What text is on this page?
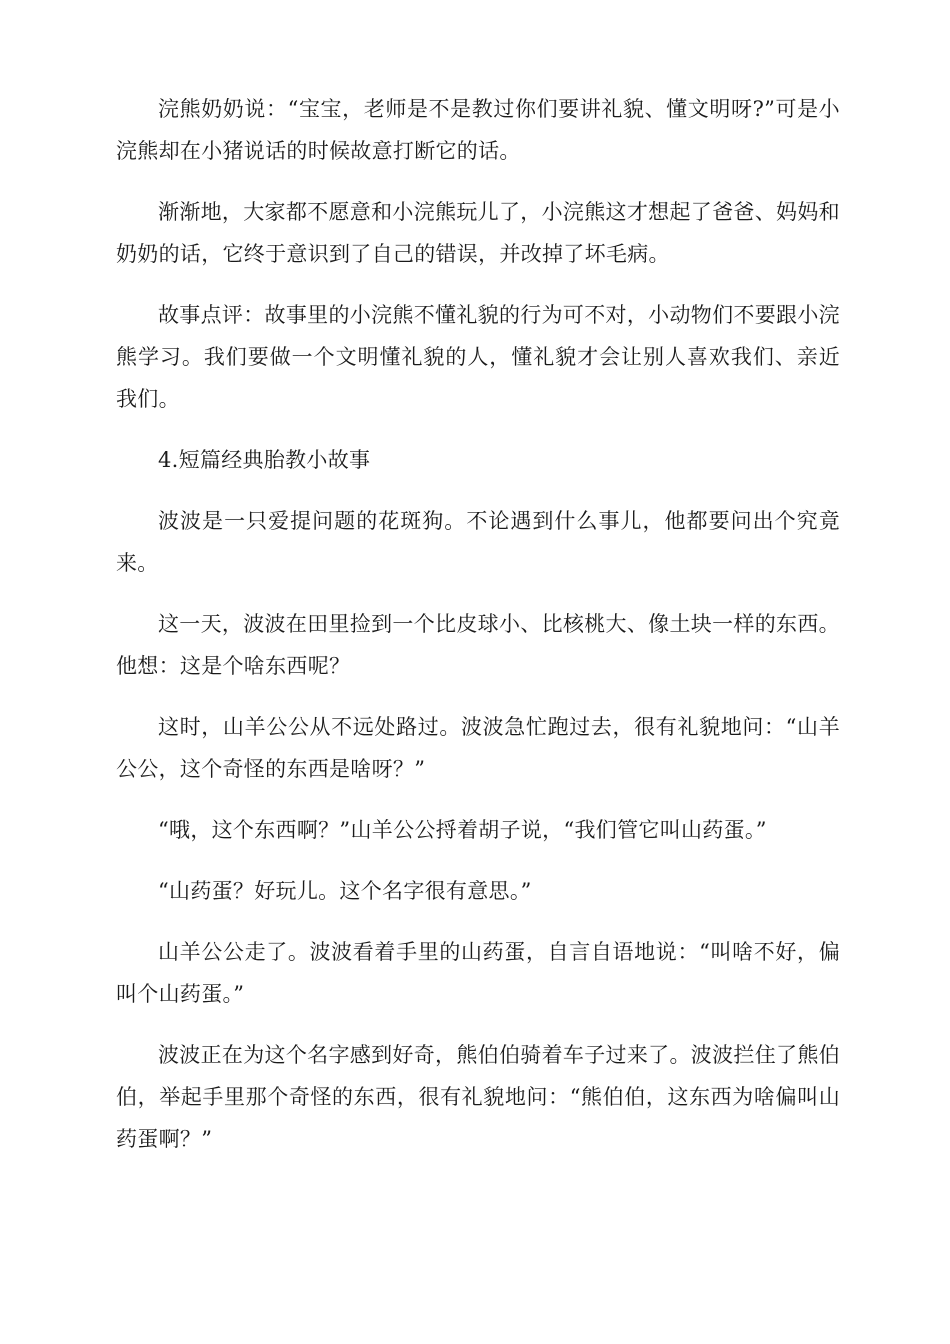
浣熊奶奶说：“宝宝，老师是不是教过你们要讲礼貌、懂文明呀?”可是小浣熊却在小猪说话的时候故意打断它的话。

渐渐地，大家都不愿意和小浣熊玩儿了，小浣熊这才想起了爸爸、妈妈和奶奶的话，它终于意识到了自己的错误，并改掉了坏毛病。

故事点评：故事里的小浣熊不懂礼貌的行为可不对，小动物们不要跟小浣熊学习。我们要做一个文明懂礼貌的人，懂礼貌才会让别人喜欢我们、亲近我们。

4.短篇经典胎教小故事

波波是一只爱提问题的花斑狗。不论遇到什么事儿，他都要问出个究竟来。

这一天，波波在田里捡到一个比皮球小、比核桃大、像土块一样的东西。他想：这是个啥东西呢？

这时，山羊公公从不远处路过。波波急忙跑过去，很有礼貌地问：“山羊公公，这个奇怪的东西是啥呀？”

“哦，这个东西啊？”山羊公公捋着胡子说，“我们管它叫山药蛋。”

“山药蛋？好玩儿。这个名字很有意思。”

山羊公公走了。波波看着手里的山药蛋，自言自语地说：“叫啥不好，偏叫个山药蛋。”

波波正在为这个名字感到好奇，熊伯伯骑着车子过来了。波波拦住了熊伯伯，举起手里那个奇怪的东西，很有礼貌地问：“熊伯伯，这东西为啥偏叫山药蛋啊？”
